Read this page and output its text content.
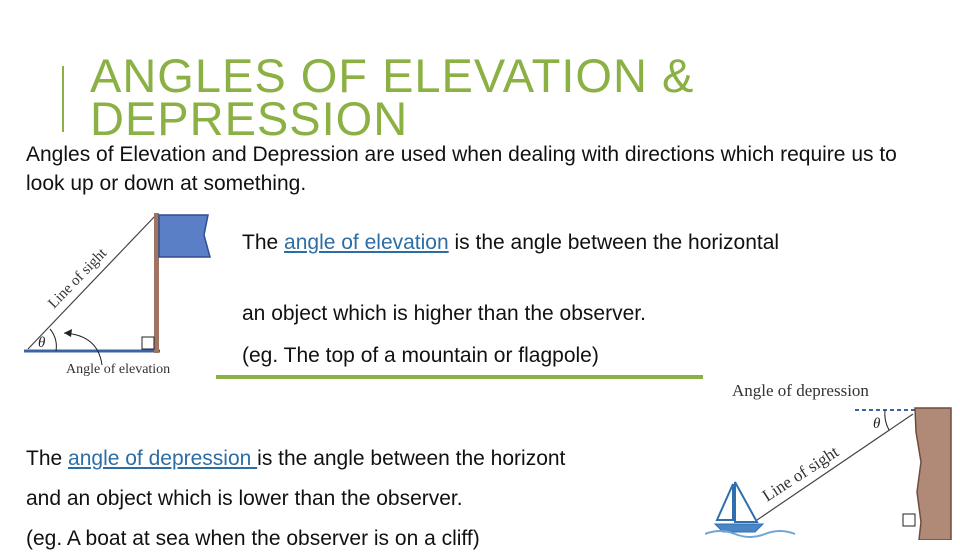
ANGLES OF ELEVATION & DEPRESSION

Angles of Elevation and Depression are used when dealing with directions which require us to look up or down at something.

θ
Line of sight
Angle of elevation

The angle of elevation is the angle between the horizontal

an object which is higher than the observer.

(eg. The top of a mountain or flagpole)

Angle of depression
θ
Line of sight

The angle of depression is the angle between the horizont

and an object which is lower than the observer.

(eg. A boat at sea when the observer is on a cliff)
